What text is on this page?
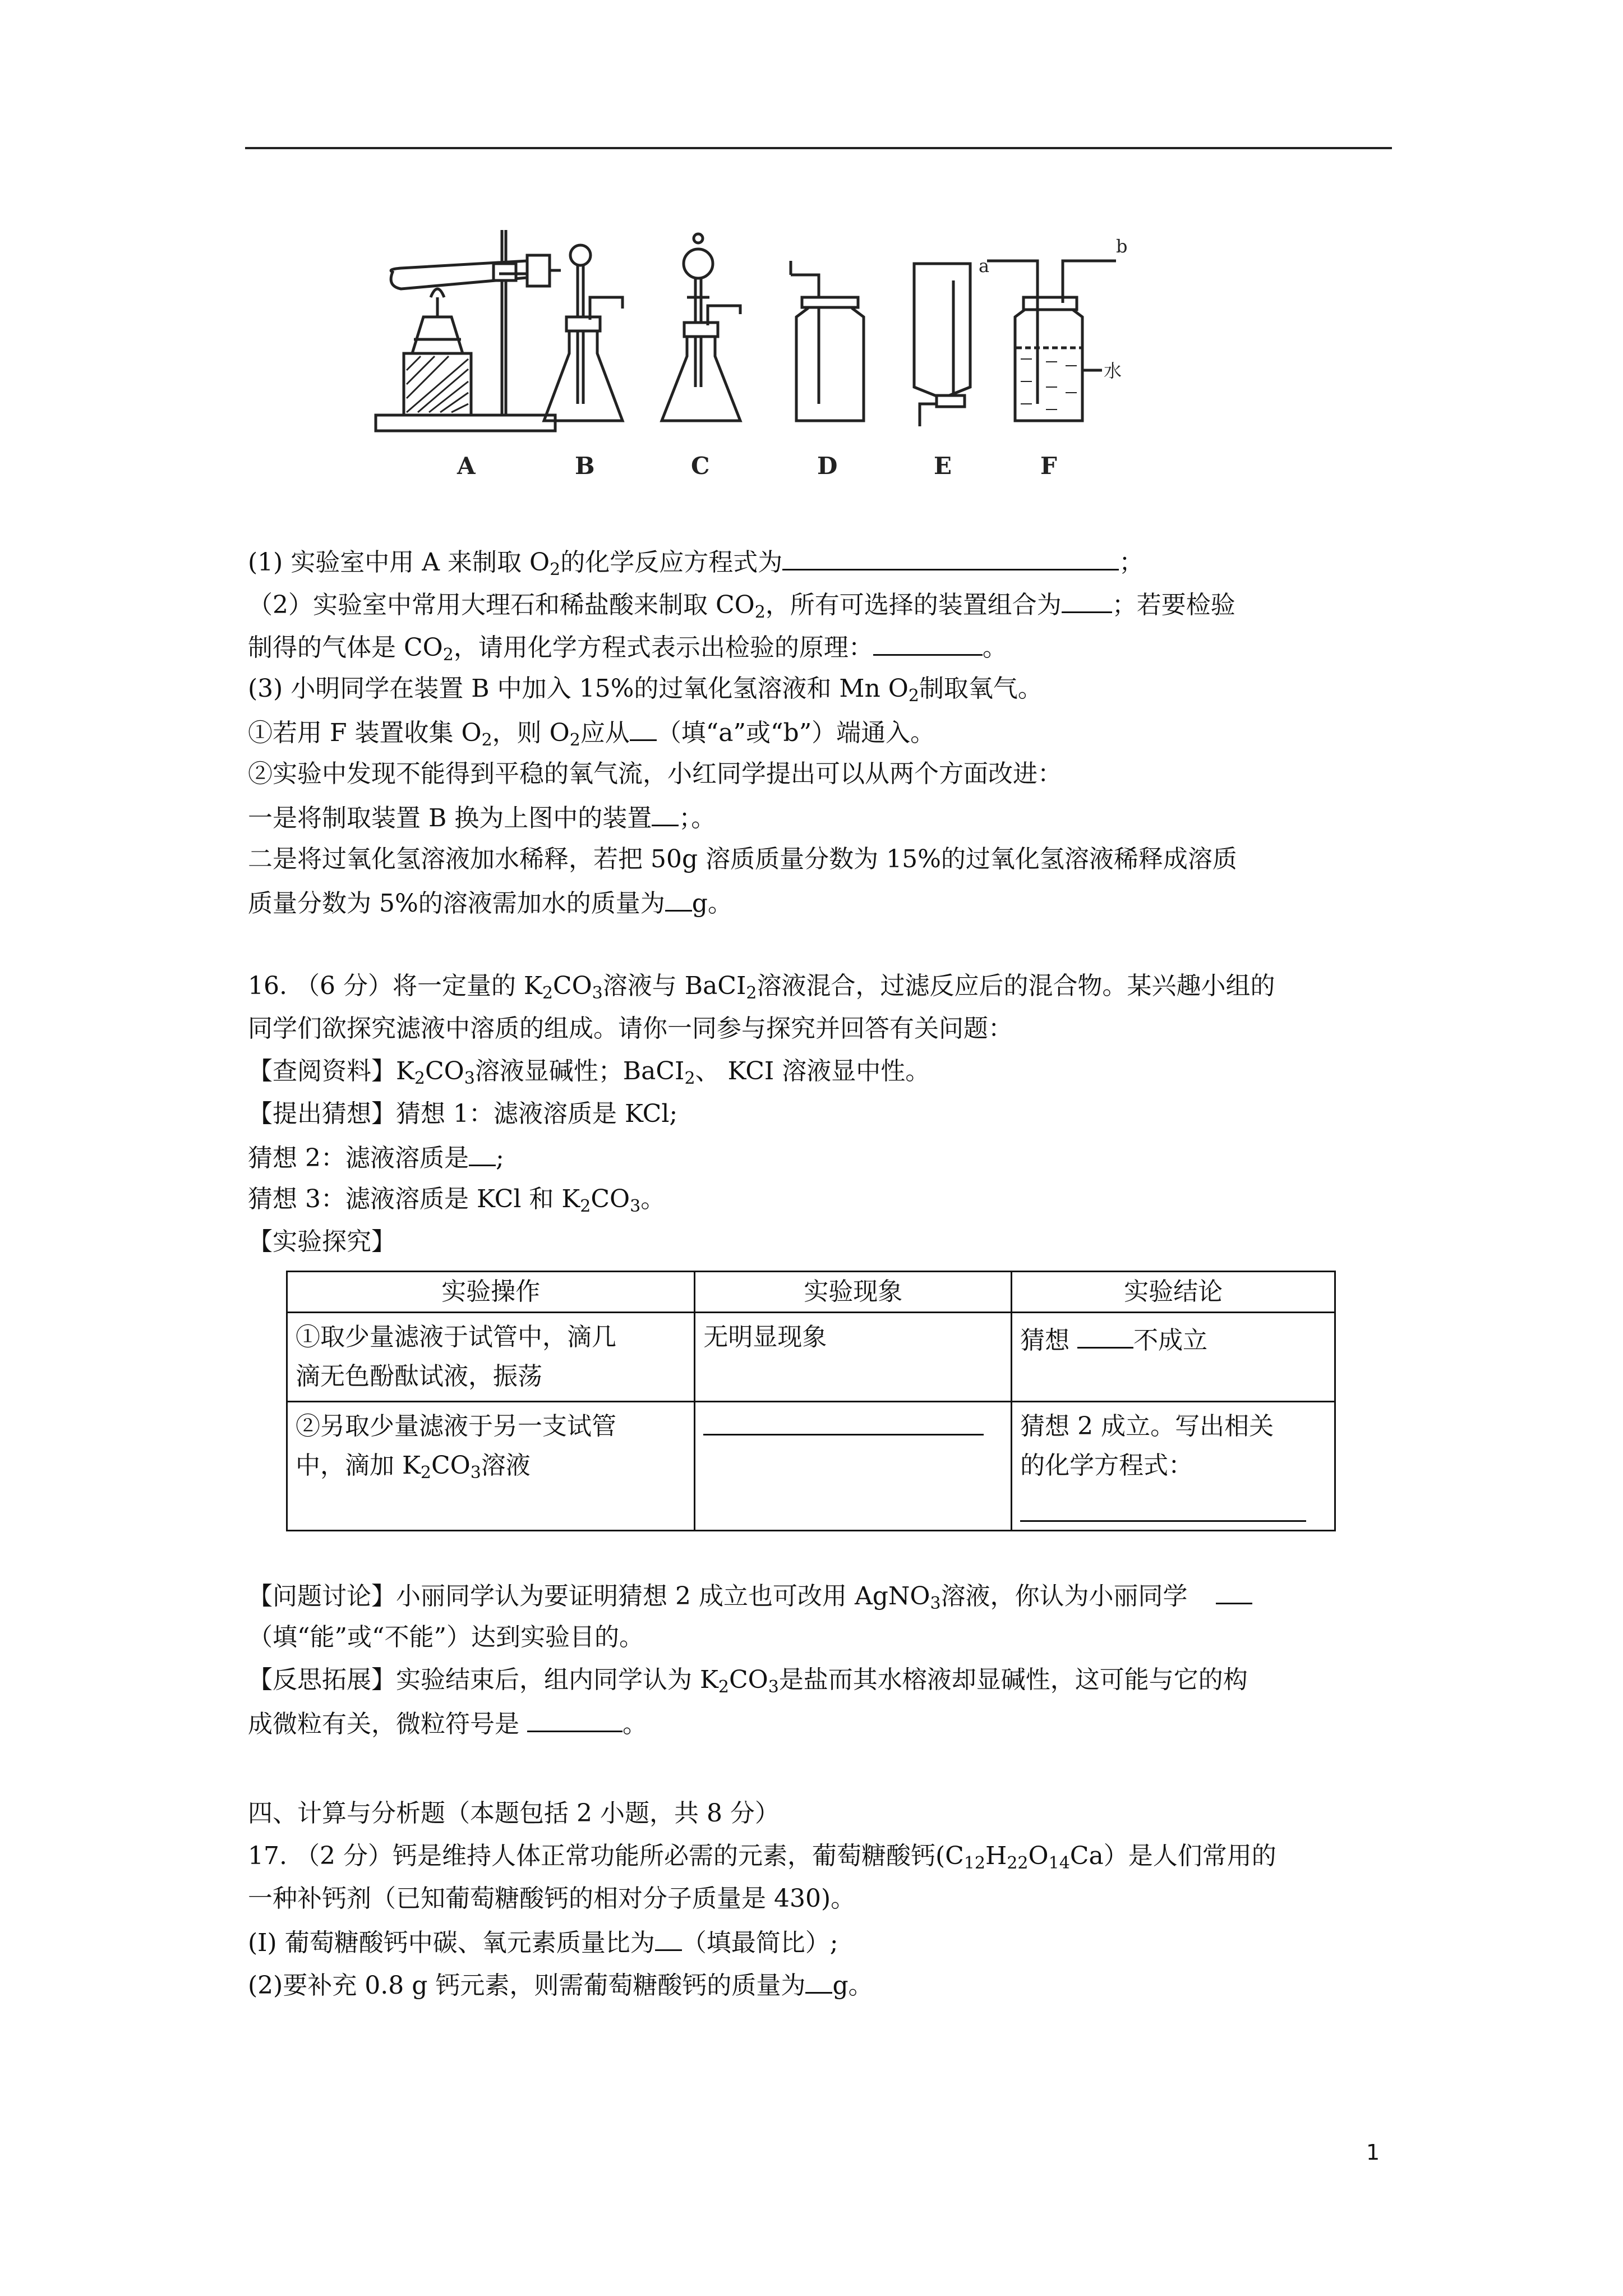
A	B	C	D	E	F
a
b
水
(1) 实验室中用 A 来制取 $O_2$的化学反应方程式为	；
（2）实验室中常用大理石和稀盐酸来制取 $CO_2$，所有可选择的装置组合为 ；若要检验
制得的气体是 $CO_2$，请用化学方程式表示出检验的原理：	。
(3) 小明同学在装置 B 中加入 15%的过氧化氢溶液和 Mn $O_2$制取氧气。
①若用 F 装置收集 $O_2$，则 $O_2$应从 （填“a”或“b”）端通入。
②实验中发现不能得到平稳的氧气流，小红同学提出可以从两个方面改进：
一是将制取装置 B 换为上图中的装置 ；。
二是将过氧化氢溶液加水稀释，若把 50g 溶质质量分数为 15%的过氧化氢溶液稀释成溶质
质量分数为 5%的溶液需加水的质量为 g。
16. （6 分）将一定量的 $K_2CO_3$溶液与 BaCI$_2$溶液混合，过滤反应后的混合物。某兴趣小组的
同学们欲探究滤液中溶质的组成。请你一同参与探究并回答有关问题：
【查阅资料】$K_2CO_3$溶液显碱性；BaCI$_2$、 KCI 溶液显中性。
【提出猜想】猜想 1：滤液溶质是 KCl;
猜想 2：滤液溶质是 ;
猜想 3：滤液溶质是 KCl 和 $K_2CO_3$。
【实验探究】
实验操作	实验现象	实验结论
①取少量滤液于试管中，滴几
滴无色酚酞试液，振荡	无明显现象	猜想 不成立
②另取少量滤液于另一支试管
中，滴加 $K_2CO_3$溶液		猜想 2 成立。写出相关
的化学方程式：
【问题讨论】小丽同学认为要证明猜想 2 成立也可改用 AgNO$_3$溶液，你认为小丽同学
（填“能”或“不能”）达到实验目的。
【反思拓展】实验结束后，组内同学认为 $K_2CO_3$是盐而其水榕液却显碱性，这可能与它的构
成微粒有关，微粒符号是	。
四、计算与分析题（本题包括 2 小题，共 8 分）
17. （2 分）钙是维持人体正常功能所必需的元素，葡萄糖酸钙$(C_{12}H_{22}O_{14}Ca)$是人们常用的
一种补钙剂（已知葡萄糖酸钙的相对分子质量是 430)。
(I) 葡萄糖酸钙中碳、氧元素质量比为 （填最简比）;
(2)要补充 0.8 g 钙元素，则需葡萄糖酸钙的质量为 g。
1
